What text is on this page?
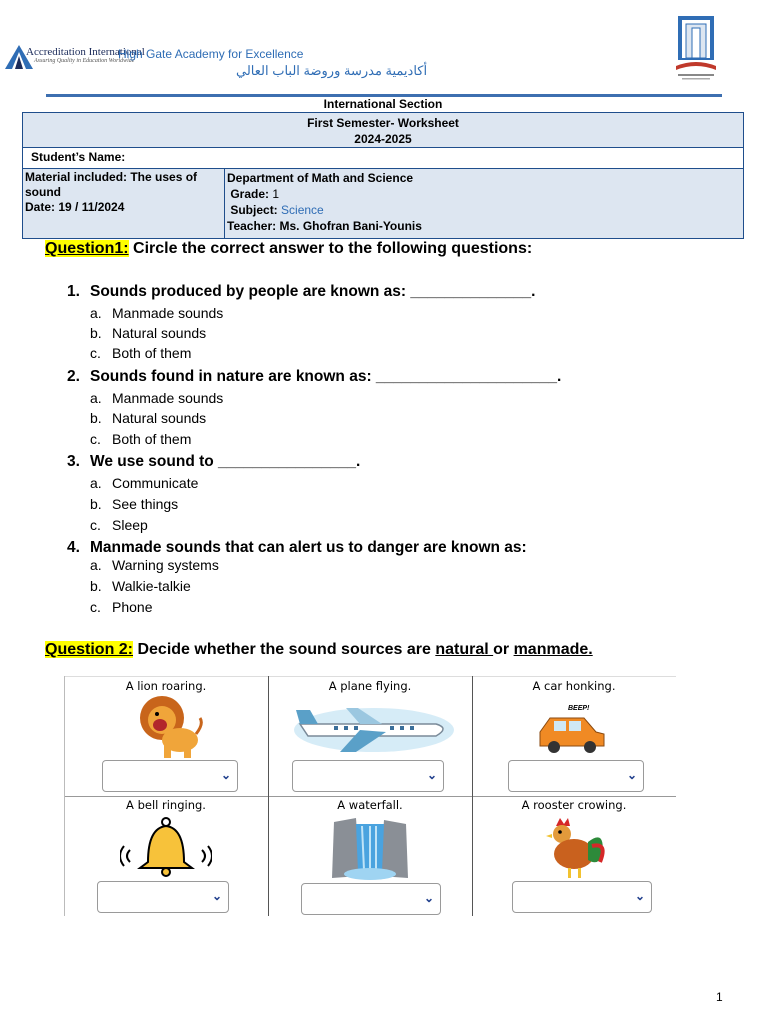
Accreditation International
Assuring Quality in Education Worldwide
High Gate Academy for Excellence
أكاديمية مدرسة وروضة الباب العالي
International Section
First Semester- Worksheet
2024-2025
Student’s Name:
Material included: The uses of sound
Date: 19 / 11/2024
Department of Math and Science
Grade: 1
Subject: Science
Teacher: Ms. Ghofran Bani-Younis
Question1: Circle the correct answer to the following questions:
1. Sounds produced by people are known as: ______________.
a. Manmade sounds
b. Natural sounds
c. Both of them
2. Sounds found in nature are known as: _____________________.
a. Manmade sounds
b. Natural sounds
c. Both of them
3. We use sound to ________________.
a. Communicate
b. See things
c. Sleep
4. Manmade sounds that can alert us to danger are known as:
a. Warning systems
b. Walkie-talkie
c. Phone
Question 2: Decide whether the sound sources are natural or manmade.
A lion roaring.
⌄
A plane flying.
⌄
A car honking.
BEEP!
⌄
A bell ringing.
⌄
A waterfall.
⌄
A rooster crowing.
⌄
1
